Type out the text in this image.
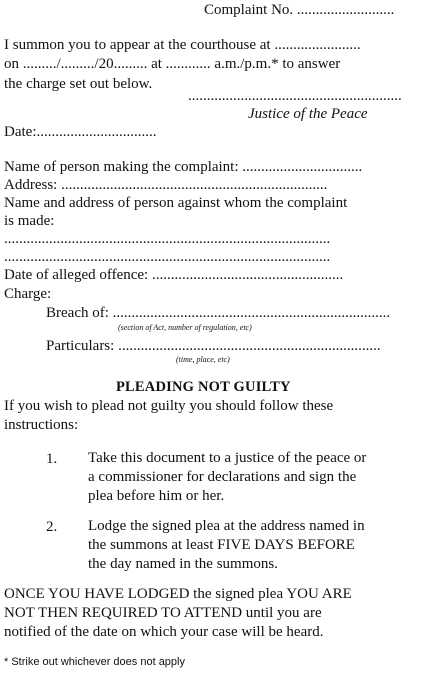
Complaint No. ..........................
I summon you to appear at the courthouse at .......................
on ........./........./20......... at ............ a.m./p.m.* to answer
the charge set out below.
.........................................................
Justice of the Peace
Date:................................
Name of person making the complaint: ................................
Address: .......................................................................
Name and address of person against whom the complaint
is made:
.......................................................................................
.......................................................................................
Date of alleged offence: ...................................................
Charge:
Breach of: ..........................................................................
(section of Act, number of regulation, etc)
Particulars: ......................................................................
(time, place, etc)
PLEADING NOT GUILTY
If you wish to plead not guilty you should follow these
instructions:
1. Take this document to a justice of the peace or
a commissioner for declarations and sign the
plea before him or her.
2. Lodge the signed plea at the address named in
the summons at least FIVE DAYS BEFORE
the day named in the summons.
ONCE YOU HAVE LODGED the signed plea YOU ARE
NOT THEN REQUIRED TO ATTEND until you are
notified of the date on which your case will be heard.
* Strike out whichever does not apply
